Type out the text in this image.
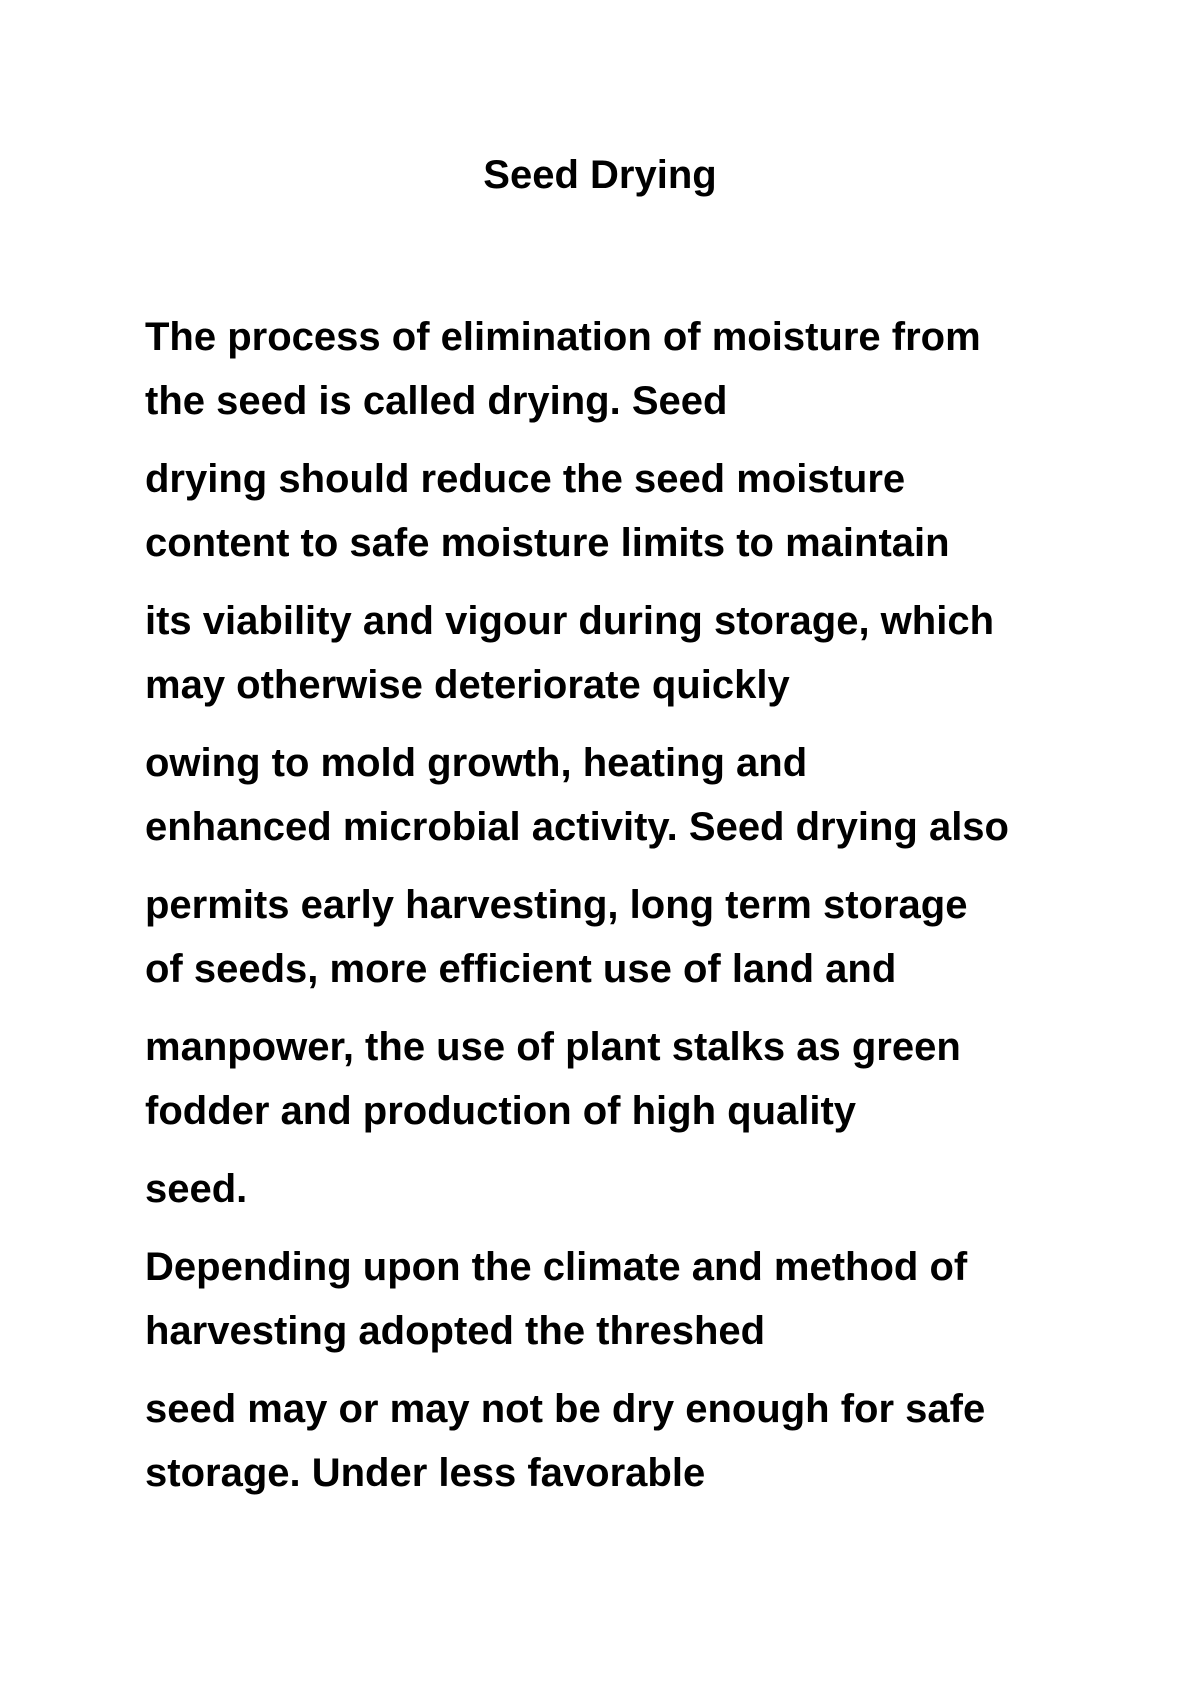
Seed Drying
The process of elimination of moisture from
the seed is called drying. Seed
drying should reduce the seed moisture
content to safe moisture limits to maintain
its viability and vigour during storage, which
may otherwise deteriorate quickly
owing to mold growth, heating and
enhanced microbial activity. Seed drying also
permits early harvesting, long term storage
of seeds, more efficient use of land and
manpower, the use of plant stalks as green
fodder and production of high quality
seed.
Depending upon the climate and method of
harvesting adopted the threshed
seed may or may not be dry enough for safe
storage. Under less favorable
